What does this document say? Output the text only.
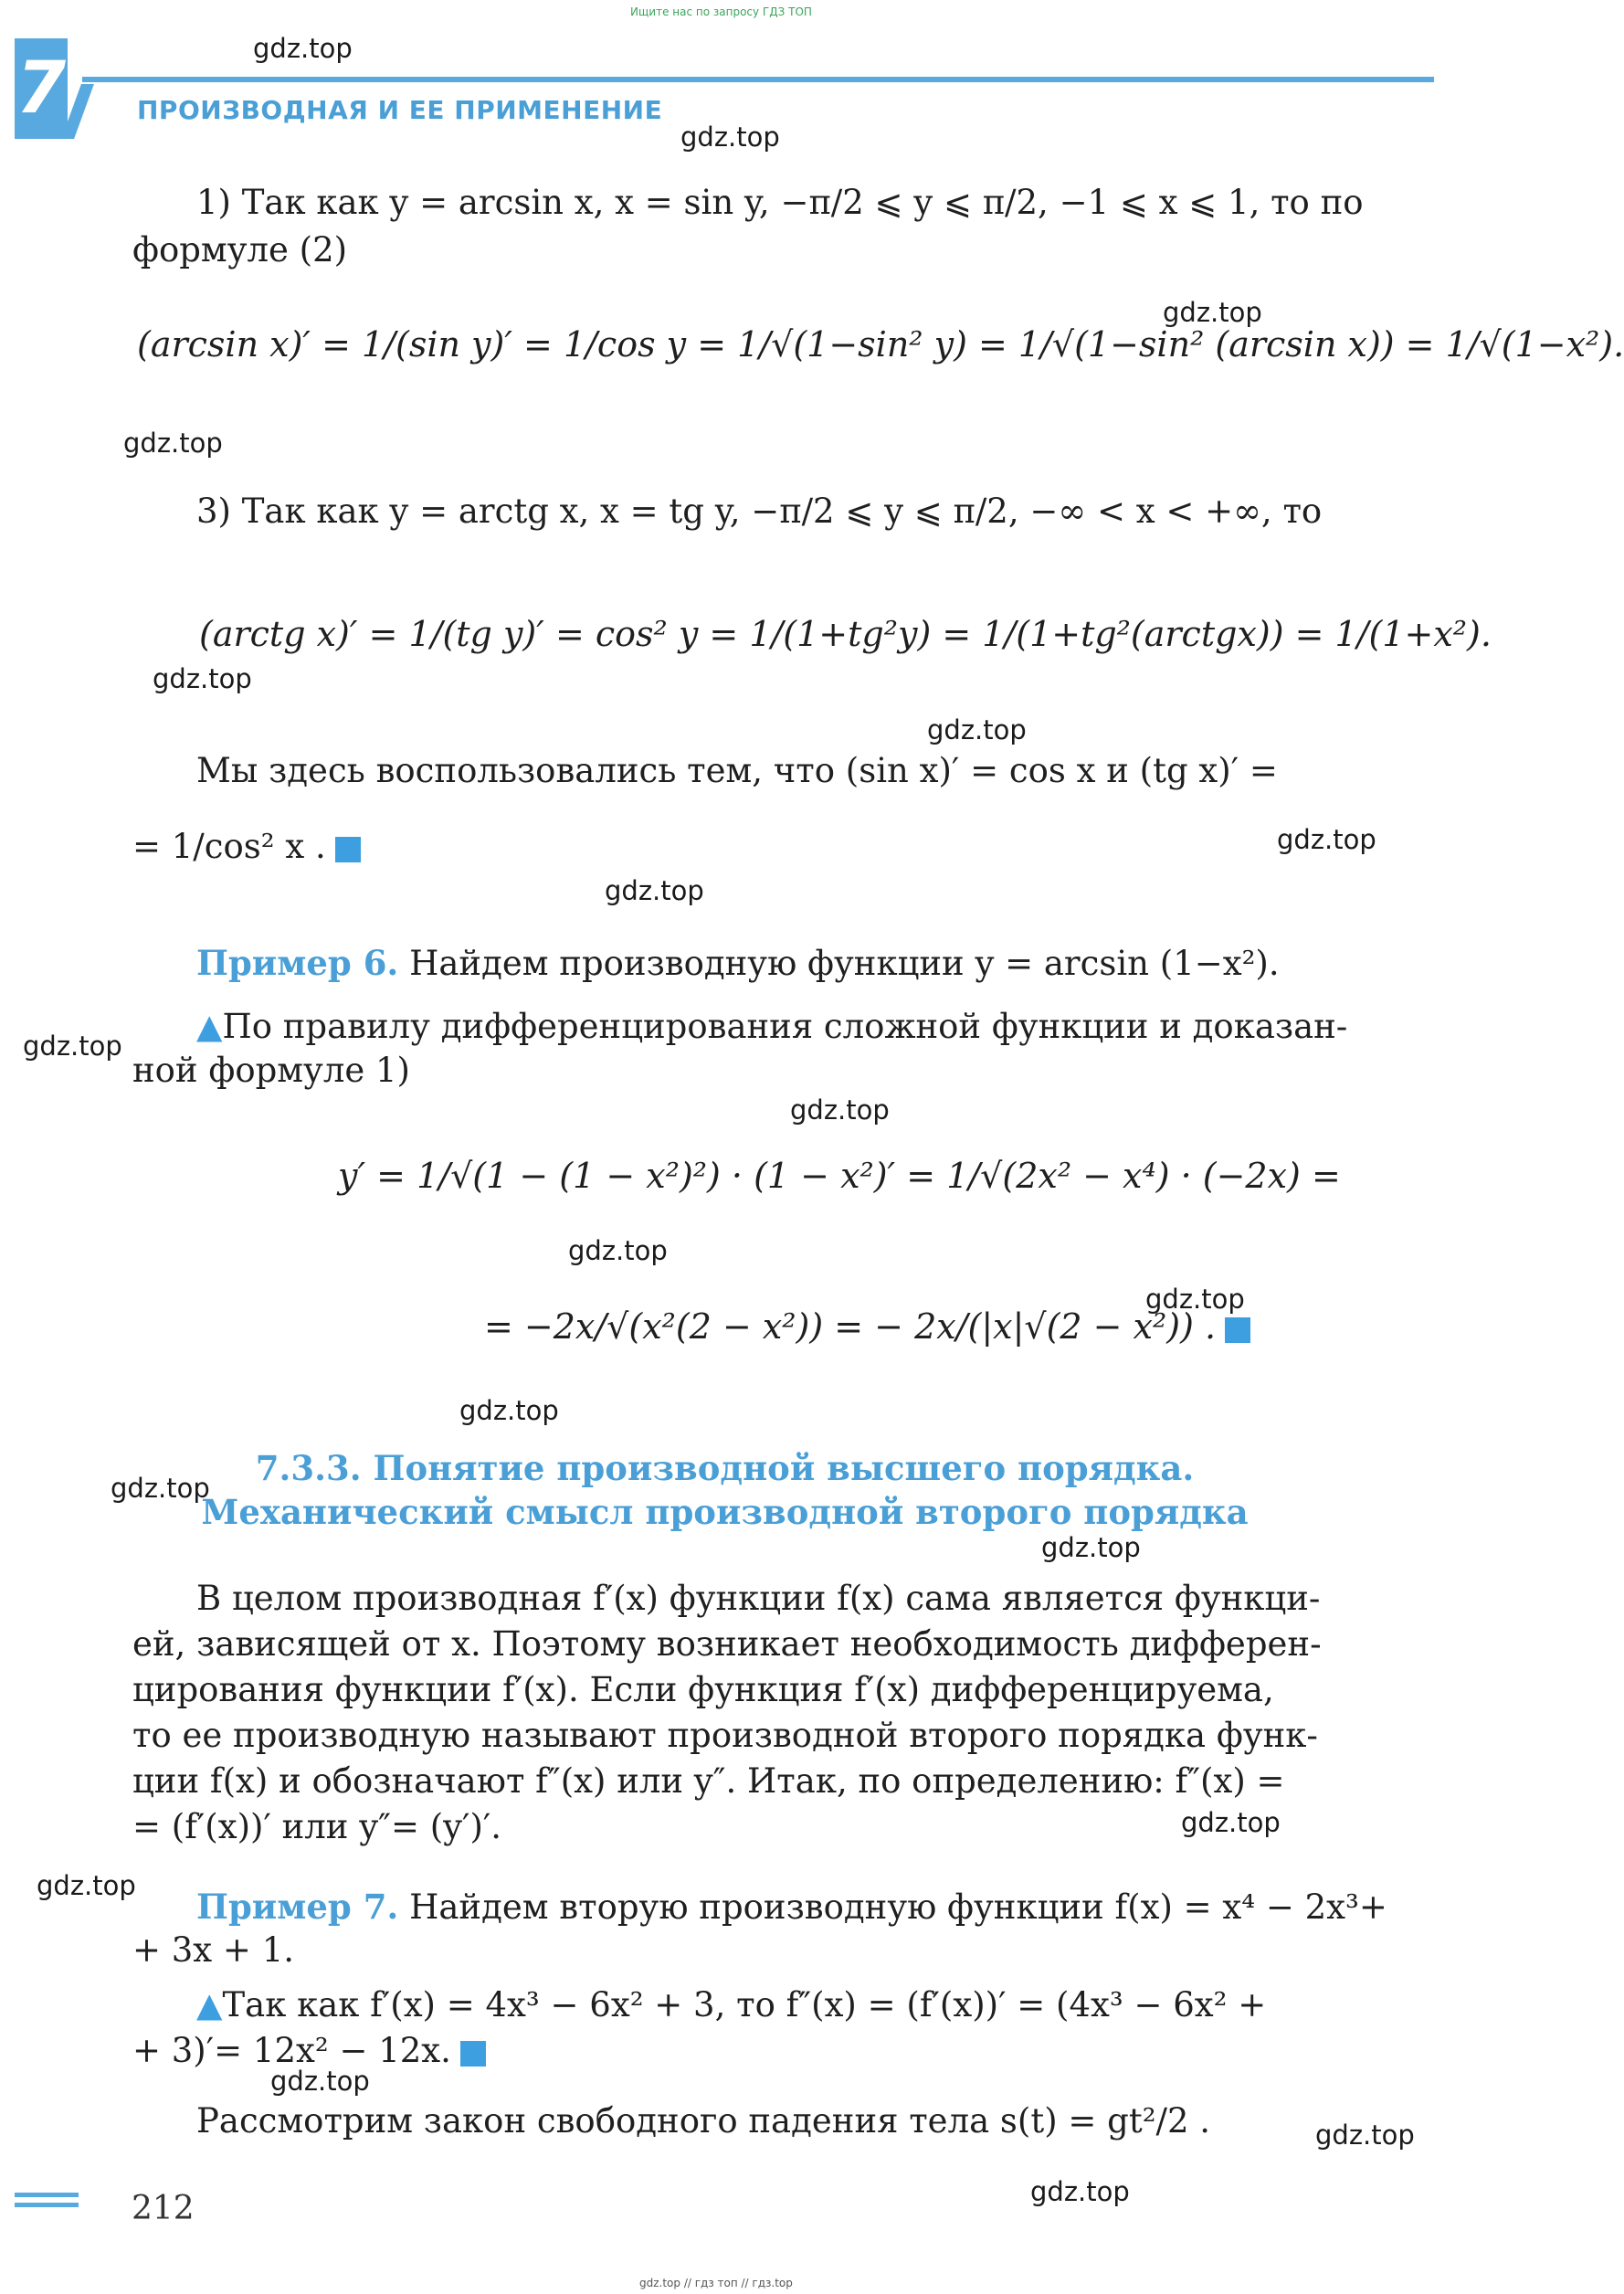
Ищите нас по запросу ГДЗ ТОП
gdz.top // гдз топ // гдз.top

7	ПРОИЗВОДНАЯ И ЕЕ ПРИМЕНЕНИЕ
gdz.top
gdz.top
gdz.top
gdz.top
gdz.top
gdz.top
gdz.top
gdz.top
gdz.top
gdz.top
gdz.top
gdz.top
gdz.top
gdz.top
gdz.top
gdz.top
gdz.top
gdz.top
gdz.top
gdz.top
1) Так как y = arcsin x, x = sin y, −π/2 ⩽ y ⩽ π/2, −1 ⩽ x ⩽ 1, то по
формуле (2)
(arcsin x)′ = 1/(sin y)′ = 1/cos y = 1/√(1−sin² y) = 1/√(1−sin² (arcsin x)) = 1/√(1−x²).
3) Так как y = arctg x, x = tg y, −π/2 ⩽ y ⩽ π/2, −∞ < x < +∞, то
(arctg x)′ = 1/(tg y)′ = cos² y = 1/(1+tg²y) = 1/(1+tg²(arctgx)) = 1/(1+x²).
Мы здесь воспользовались тем, что (sin x)′ = cos x и (tg x)′ =
= 1/cos² x .
Пример 6. Найдем производную функции y = arcsin (1−x²).
▲По правилу дифференцирования сложной функции и доказан-
ной формуле 1)
y′ = 1/√(1 − (1 − x²)²) · (1 − x²)′ = 1/√(2x² − x⁴) · (−2x) =
= −2x/√(x²(2 − x²)) = − 2x/(|x|√(2 − x²)) .
7.3.3. Понятие производной высшего порядка.
Механический смысл производной второго порядка
В целом производная f′(x) функции f(x) сама является функци-
ей, зависящей от x. Поэтому возникает необходимость дифферен-
цирования функции f′(x). Если функция f′(x) дифференцируема,
то ее производную называют производной второго порядка функ-
ции f(x) и обозначают f″(x) или y″. Итак, по определению: f″(x) =
= (f′(x))′ или y″= (y′)′.
Пример 7. Найдем вторую производную функции f(x) = x⁴ − 2x³+
+ 3x + 1.
▲Так как f′(x) = 4x³ − 6x² + 3, то f″(x) = (f′(x))′ = (4x³ − 6x² +
+ 3)′= 12x² − 12x.
Рассмотрим закон свободного падения тела s(t) = gt²/2 .
212
